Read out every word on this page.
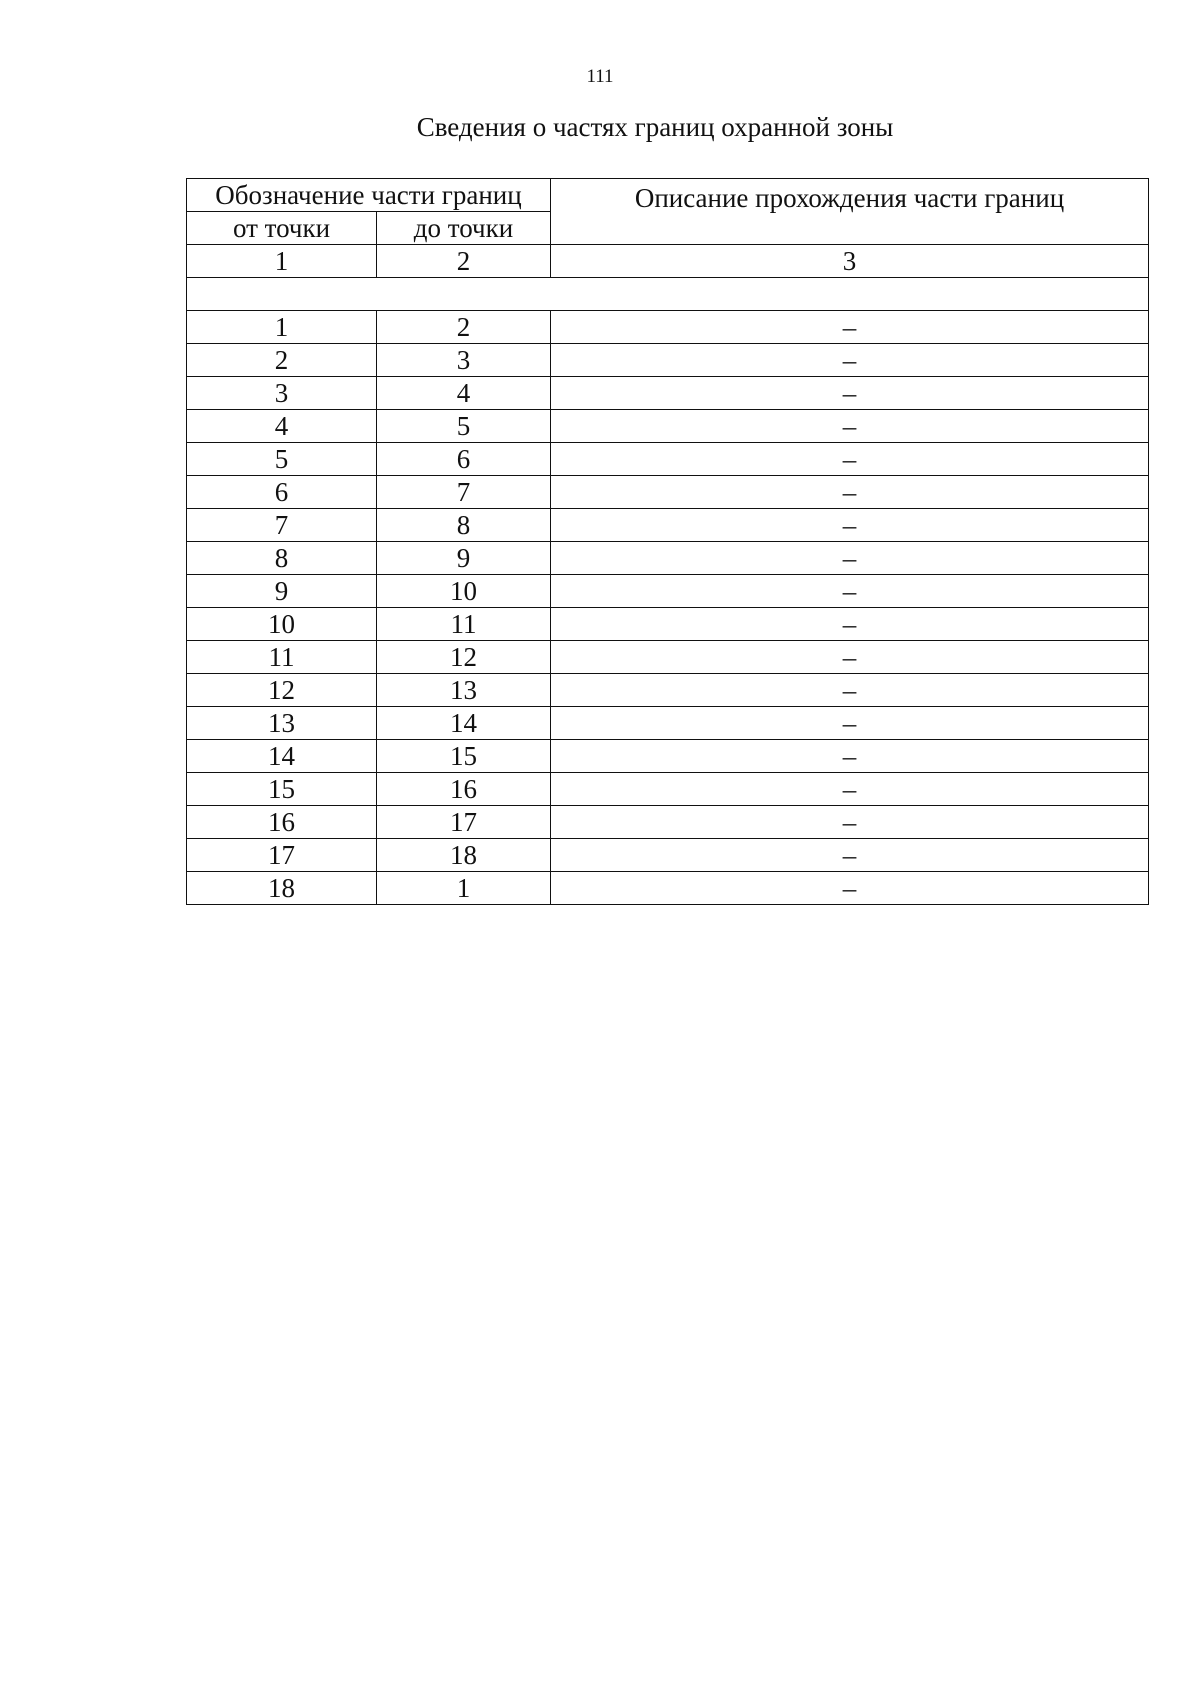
111
Сведения о частях границ охранной зоны
Обозначение части границ		Описание прохождения части границ
от точки	до точки	
1	2	3

1	2	–
2	3	–
3	4	–
4	5	–
5	6	–
6	7	–
7	8	–
8	9	–
9	10	–
10	11	–
11	12	–
12	13	–
13	14	–
14	15	–
15	16	–
16	17	–
17	18	–
18	1	–
